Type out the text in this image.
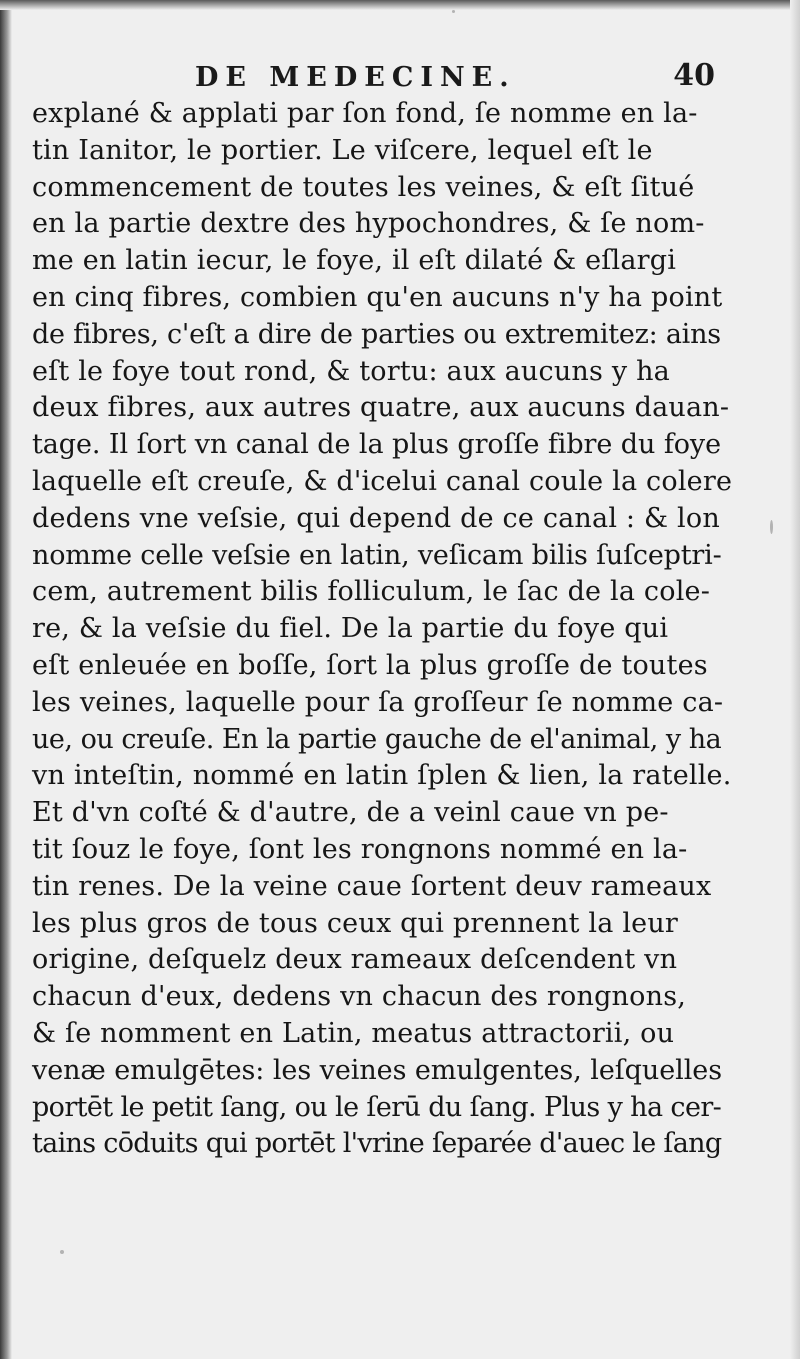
DE MEDECINE.	40
explané & applati par ſon fond, ſe nomme en la-
tin Ianitor, le portier. Le viſcere, lequel eſt le
commencement de toutes les veines, & eſt ſitué
en la partie dextre des hypochondres, & ſe nom-
me en latin iecur, le foye, il eſt dilaté & eſlargi
en cinq fibres, combien qu'en aucuns n'y ha point
de fibres, c'eſt a dire de parties ou extremitez: ains
eſt le foye tout rond, & tortu: aux aucuns y ha
deux fibres, aux autres quatre, aux aucuns dauan-
tage. Il ſort vn canal de la plus groſſe fibre du foye
laquelle eſt creuſe, & d'icelui canal coule la colere
dedens vne veſsie, qui depend de ce canal : & lon
nomme celle veſsie en latin, veſicam bilis ſuſceptri-
cem, autrement bilis folliculum, le ſac de la cole-
re, & la veſsie du fiel. De la partie du foye qui
eſt enleuée en boſſe, ſort la plus groſſe de toutes
les veines, laquelle pour ſa groſſeur ſe nomme ca-
ue, ou creuſe. En la partie gauche de el'animal, y ha
vn inteſtin, nommé en latin ſplen & lien, la ratelle.
Et d'vn coſté & d'autre, de a veinl caue vn pe-
tit ſouz le foye, ſont les rongnons nommé en la-
tin renes. De la veine caue ſortent deuv rameaux
les plus gros de tous ceux qui prennent la leur
origine, deſquelz deux rameaux deſcendent vn
chacun d'eux, dedens vn chacun des rongnons,
& ſe nomment en Latin, meatus attractorii, ou
venæ emulgētes: les veines emulgentes, leſquelles
portēt le petit ſang, ou le ſerū du ſang. Plus y ha cer-
tains cōduits qui portēt l'vrine ſeparée d'auec le ſang
